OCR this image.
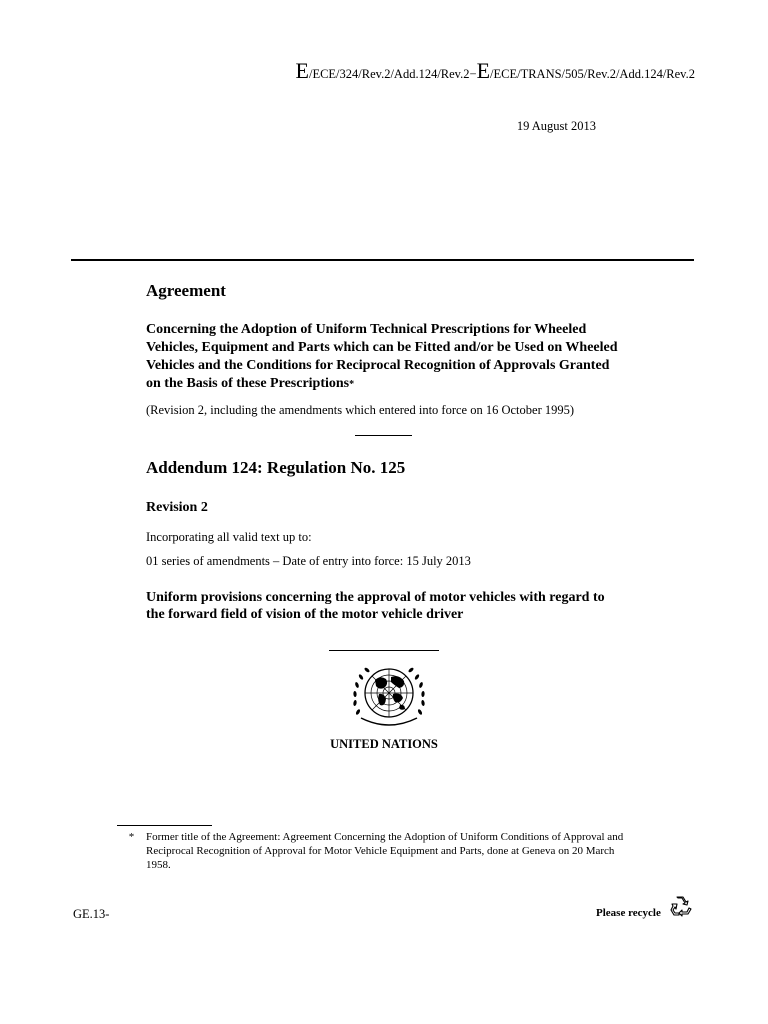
E/ECE/324/Rev.2/Add.124/Rev.2−E/ECE/TRANS/505/Rev.2/Add.124/Rev.2
19 August 2013
Agreement
Concerning the Adoption of Uniform Technical Prescriptions for Wheeled Vehicles, Equipment and Parts which can be Fitted and/or be Used on Wheeled Vehicles and the Conditions for Reciprocal Recognition of Approvals Granted on the Basis of these Prescriptions*
(Revision 2, including the amendments which entered into force on 16 October 1995)
Addendum 124: Regulation No. 125
Revision 2
Incorporating all valid text up to:
01 series of amendments – Date of entry into force: 15 July 2013
Uniform provisions concerning the approval of motor vehicles with regard to the forward field of vision of the motor vehicle driver
UNITED NATIONS
*	Former title of the Agreement: Agreement Concerning the Adoption of Uniform Conditions of Approval and Reciprocal Recognition of Approval for Motor Vehicle Equipment and Parts, done at Geneva on 20 March 1958.
GE.13-	Please recycle
